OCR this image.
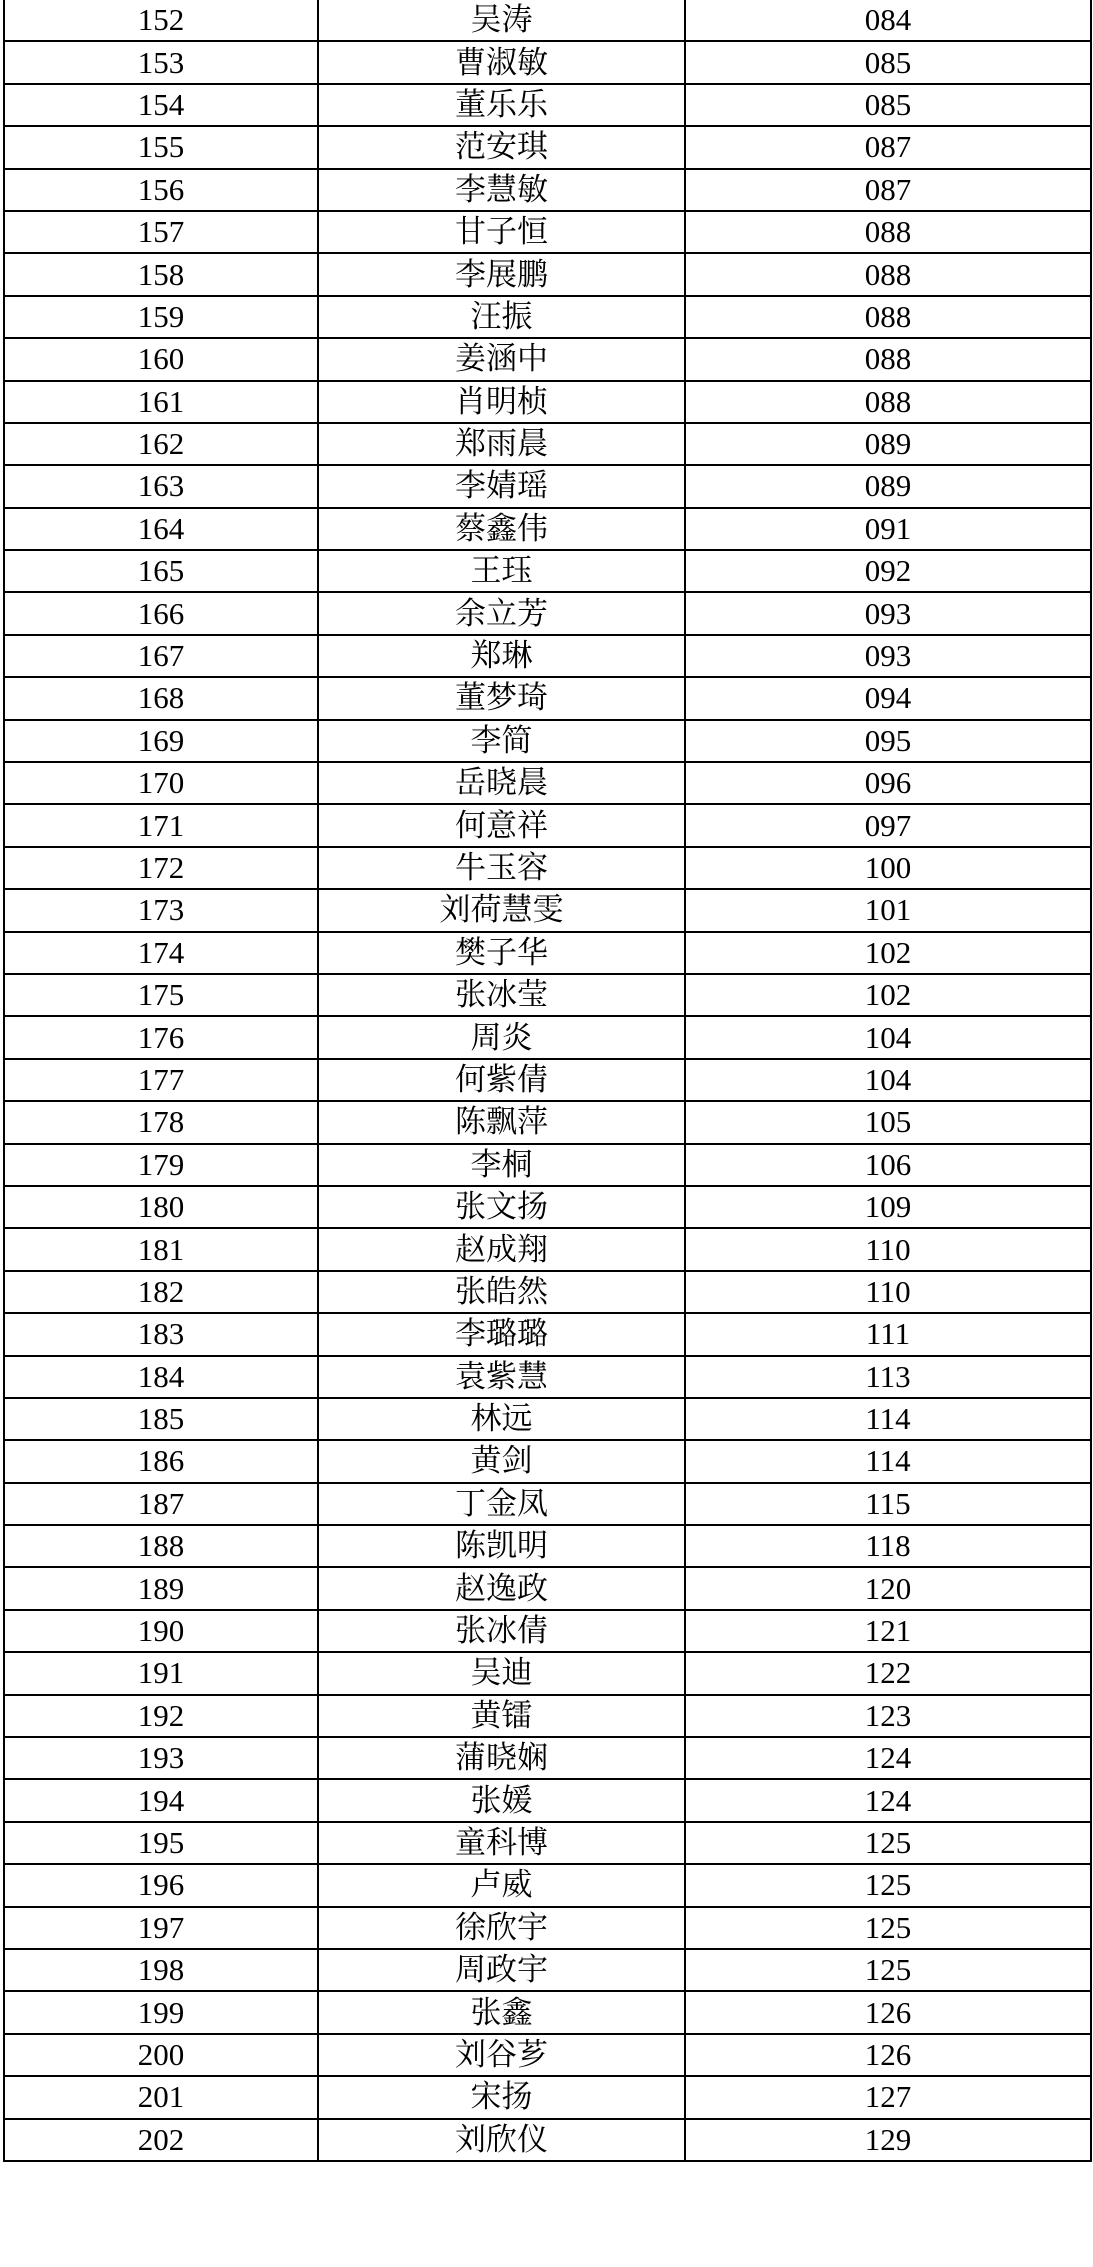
152	吴涛	084
153	曹淑敏	085
154	董乐乐	085
155	范安琪	087
156	李慧敏	087
157	甘子恒	088
158	李展鹏	088
159	汪振	088
160	姜涵中	088
161	肖明桢	088
162	郑雨晨	089
163	李婧瑶	089
164	蔡鑫伟	091
165	王珏	092
166	余立芳	093
167	郑琳	093
168	董梦琦	094
169	李简	095
170	岳晓晨	096
171	何意祥	097
172	牛玉容	100
173	刘荷慧雯	101
174	樊子华	102
175	张冰莹	102
176	周炎	104
177	何紫倩	104
178	陈飘萍	105
179	李桐	106
180	张文扬	109
181	赵成翔	110
182	张皓然	110
183	李璐璐	111
184	袁紫慧	113
185	林远	114
186	黄剑	114
187	丁金凤	115
188	陈凯明	118
189	赵逸政	120
190	张冰倩	121
191	吴迪	122
192	黄镭	123
193	蒲晓娴	124
194	张媛	124
195	童科博	125
196	卢威	125
197	徐欣宇	125
198	周政宇	125
199	张鑫	126
200	刘谷芗	126
201	宋扬	127
202	刘欣仪	129
